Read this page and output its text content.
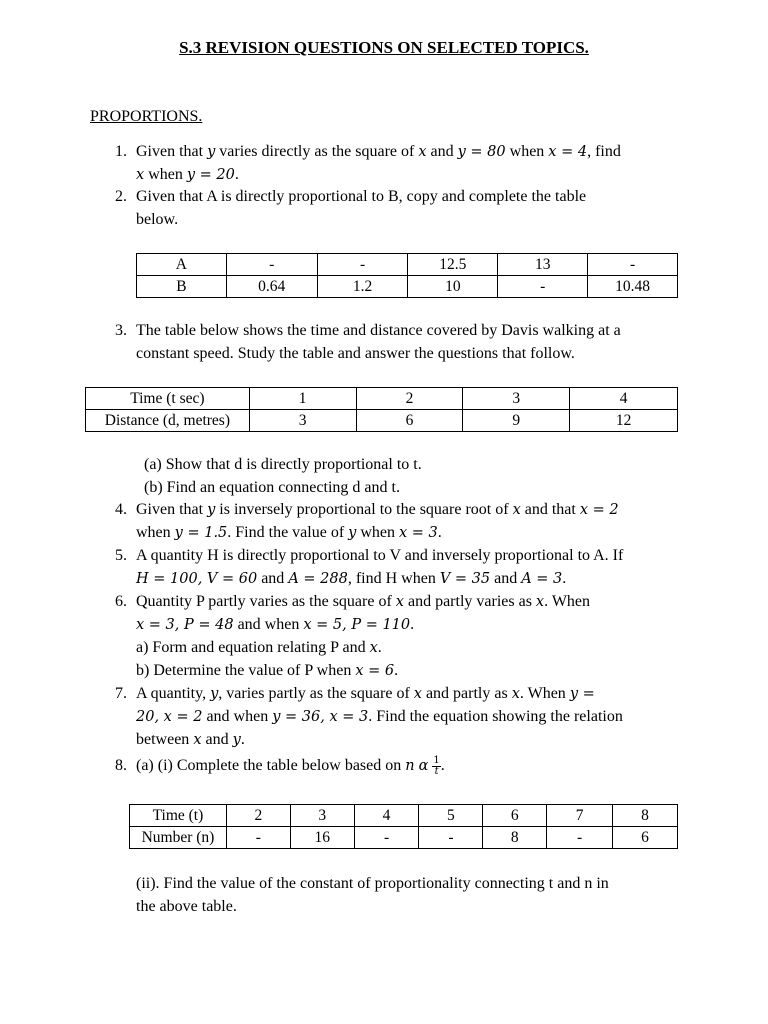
S.3 REVISION QUESTIONS ON SELECTED TOPICS.
PROPORTIONS.
1. Given that y varies directly as the square of x and y = 80 when x = 4, find
x when y = 20.
2. Given that A is directly proportional to B, copy and complete the table
below.
A	-	-	12.5	13	-
B	0.64	1.2	10	-	10.48
3. The table below shows the time and distance covered by Davis walking at a
constant speed. Study the table and answer the questions that follow.
Time (t sec)	1	2	3	4
Distance (d, metres)	3	6	9	12
(a) Show that d is directly proportional to t.
(b) Find an equation connecting d and t.
4. Given that y is inversely proportional to the square root of x and that x = 2
when y = 1.5. Find the value of y when x = 3.
5. A quantity H is directly proportional to V and inversely proportional to A. If
H = 100, V = 60 and A = 288, find H when V = 35 and A = 3.
6. Quantity P partly varies as the square of x and partly varies as x. When
x = 3, P = 48 and when x = 5, P = 110.
a) Form and equation relating P and x.
b) Determine the value of P when x = 6.
7. A quantity, y, varies partly as the square of x and partly as x. When y =
20, x = 2 and when y = 36, x = 3. Find the equation showing the relation
between x and y.
8. (a) (i) Complete the table below based on n α $\frac{1}{t}$ .
Time (t)	2	3	4	5	6	7	8
Number (n)	-	16	-	-	8	-	6
(ii). Find the value of the constant of proportionality connecting t and n in
the above table.
